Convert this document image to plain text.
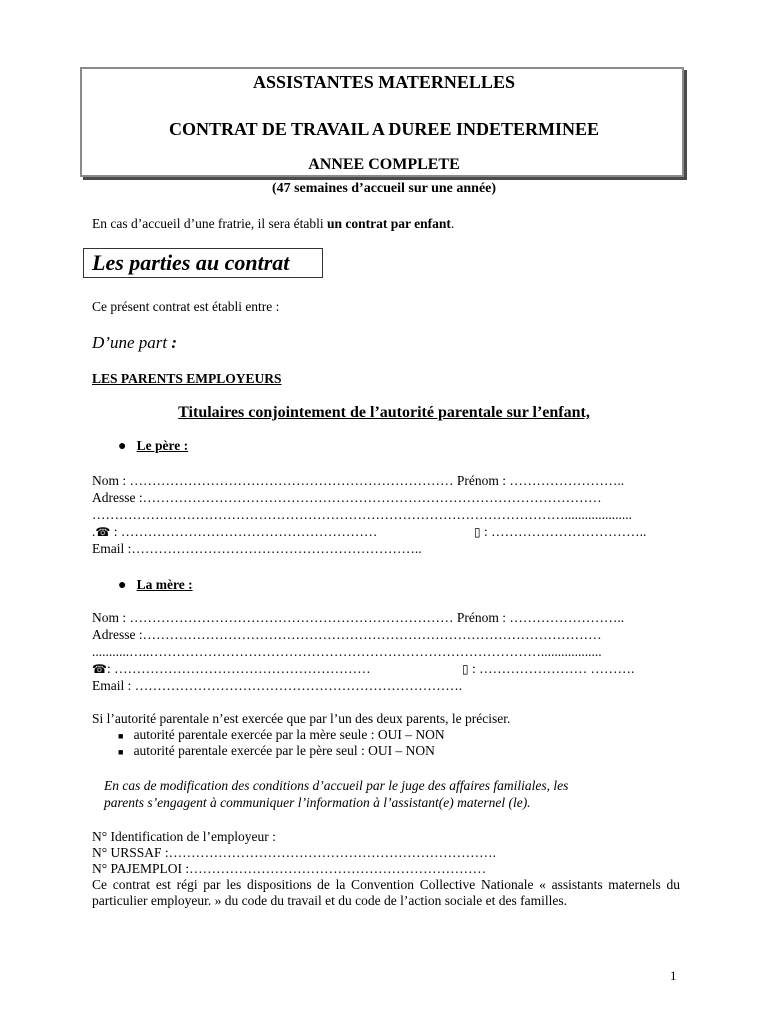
ASSISTANTES MATERNELLES
CONTRAT DE TRAVAIL A DUREE INDETERMINEE
ANNEE COMPLETE
(47 semaines d’accueil sur une année)
En cas d’accueil d’une fratrie, il sera établi un contrat par enfant.
Les parties au contrat
Ce présent contrat est établi entre :
D’une part :
LES PARENTS EMPLOYEURS
Titulaires conjointement de l’autorité parentale sur l’enfant,
● Le père :
Nom : ……………………………………………………………… Prénom : ……………………..
Adresse :…………………………………………………………………………………………
……………………………………………………………………………………………....................
.☎ : …………………………………………………	▯ : ……………………………..
Email :………………………………………………………..
● La mère :
Nom : ……………………………………………………………… Prénom : ……………………..
Adresse :…………………………………………………………………………………………
...........…..……………………………………………………………………………..................
☎: …………………………………………………	▯ : …………………… ……….
Email : ……………………………………………………………….
Si l’autorité parentale n’est exercée que par l’un des deux parents, le préciser.
■ autorité parentale exercée par la mère seule : OUI – NON
■ autorité parentale exercée par le père seul : OUI – NON
En cas de modification des conditions d’accueil par le juge des affaires familiales, les
parents s’engagent à communiquer l’information à l’assistant(e) maternel (le).
N° Identification de l’employeur :
N° URSSAF :……………………………………………………………….
N° PAJEMPLOI :…………………………………………………………
Ce contrat est régi par les dispositions de la Convention Collective Nationale « assistants maternels du particulier employeur. » du code du travail et du code de l’action sociale et des familles.
1
